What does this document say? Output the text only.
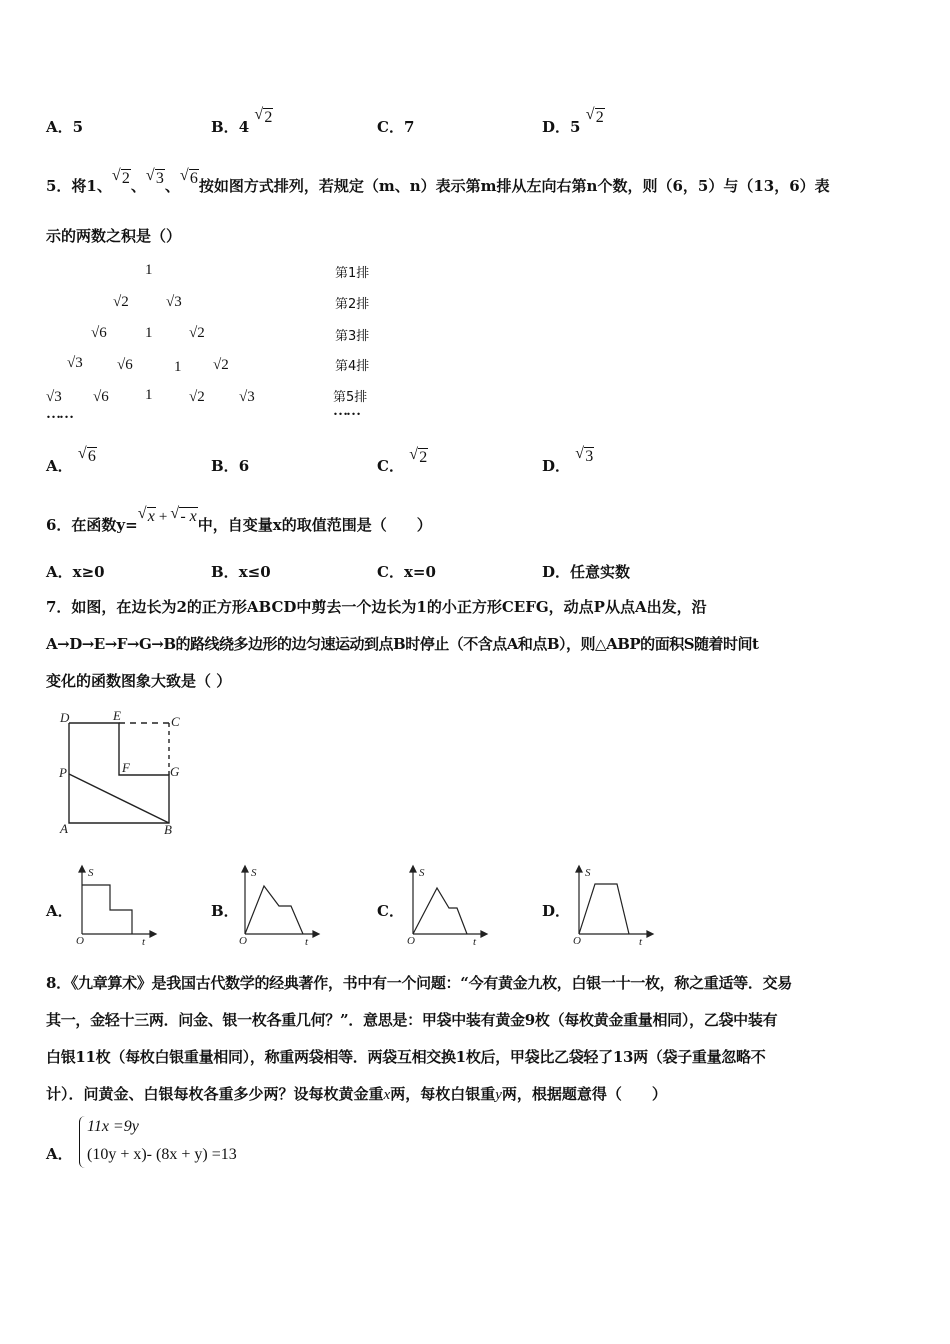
A．5	B．4 √ 2
C．7	D．5 √ 2
5．将1、 √ 2、 √ 3、 √ 6按如图方式排列，若规定（m、n）表示第m排从左向右第n个数，则（6，5）与（13，6）表
示的两数之积是（）
1
√2 √3
√6	1 √2
√3 √6	1 √2
√3 √6 1 √2 √3
……
第1排
第2排
第3排
第4排
第5排
……
A． √ 6
B．6	C． √ 2	D． √ 3
6．在函数y= √ x + √ - x中，自变量x的取值范围是（　　）
A．x≥0	B．x≤0	C．x=0	D．任意实数
7．如图，在边长为2的正方形ABCD中剪去一个边长为1的小正方形CEFG，动点P从点A出发，沿
A→D→E→F→G→B的路线绕多边形的边匀速运动到点B时停止（不含点A和点B），则△ABP的面积S随着时间t
变化的函数图象大致是（ ）
D	E	C
P	F	G
A	B
A．
S
O	t
B．
S
O	t
C．
S
O	t
D．
S
O	t
8．《九章算术》是我国古代数学的经典著作，书中有一个问题：“今有黄金九枚，白银一十一枚，称之重适等．交易
其一，金轻十三两．问金、银一枚各重几何？”．意思是：甲袋中装有黄金9枚（每枚黄金重量相同），乙袋中装有
白银11枚（每枚白银重量相同），称重两袋相等．两袋互相交换1枚后，甲袋比乙袋轻了13两（袋子重量忽略不
计）．问黄金、白银每枚各重多少两？设每枚黄金重x两，每枚白银重y两，根据题意得（　　）
A．
11x =9y
(10y + x)- (8x + y) =13
